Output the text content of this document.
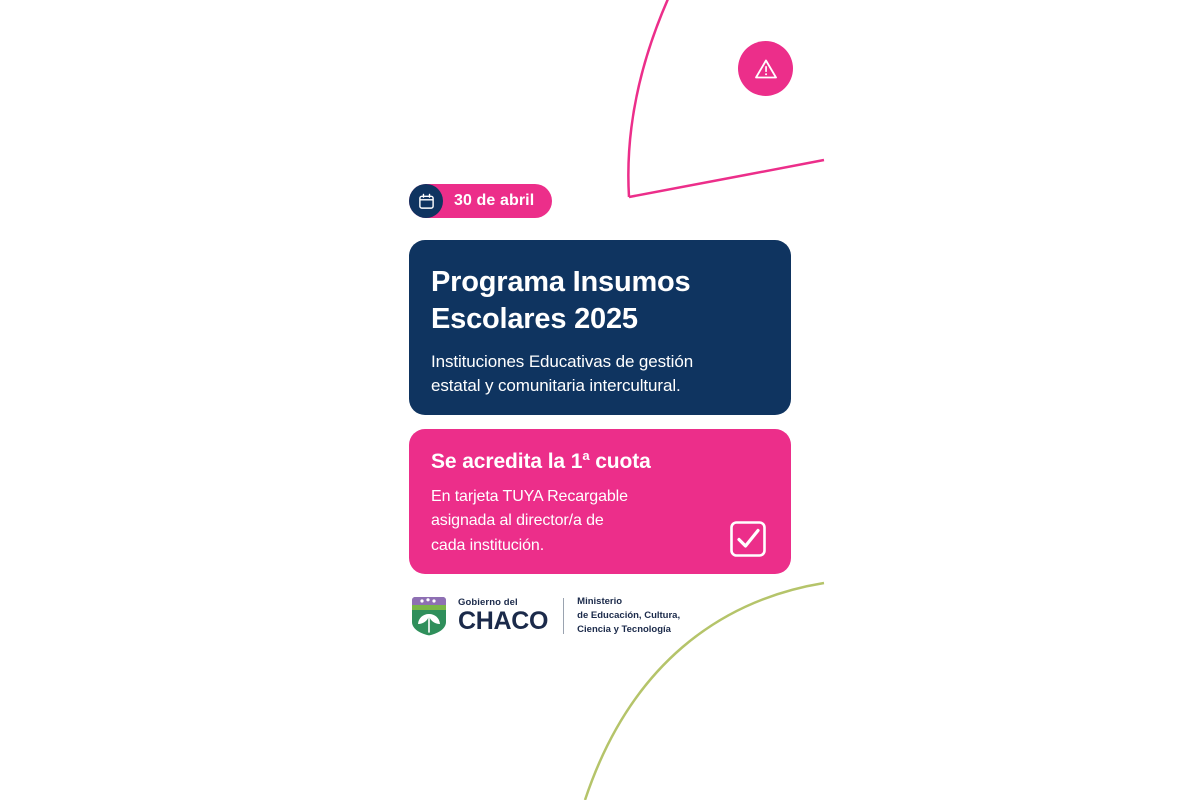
30 de abril
Programa Insumos
Escolares 2025
Instituciones Educativas de gestión
estatal y comunitaria intercultural.
Se acredita la 1$^a$ cuota
En tarjeta TUYA Recargable
asignada al director/a de
cada institución.
Gobierno del
CHACO
Ministerio
de Educación, Cultura,
Ciencia y Tecnología
